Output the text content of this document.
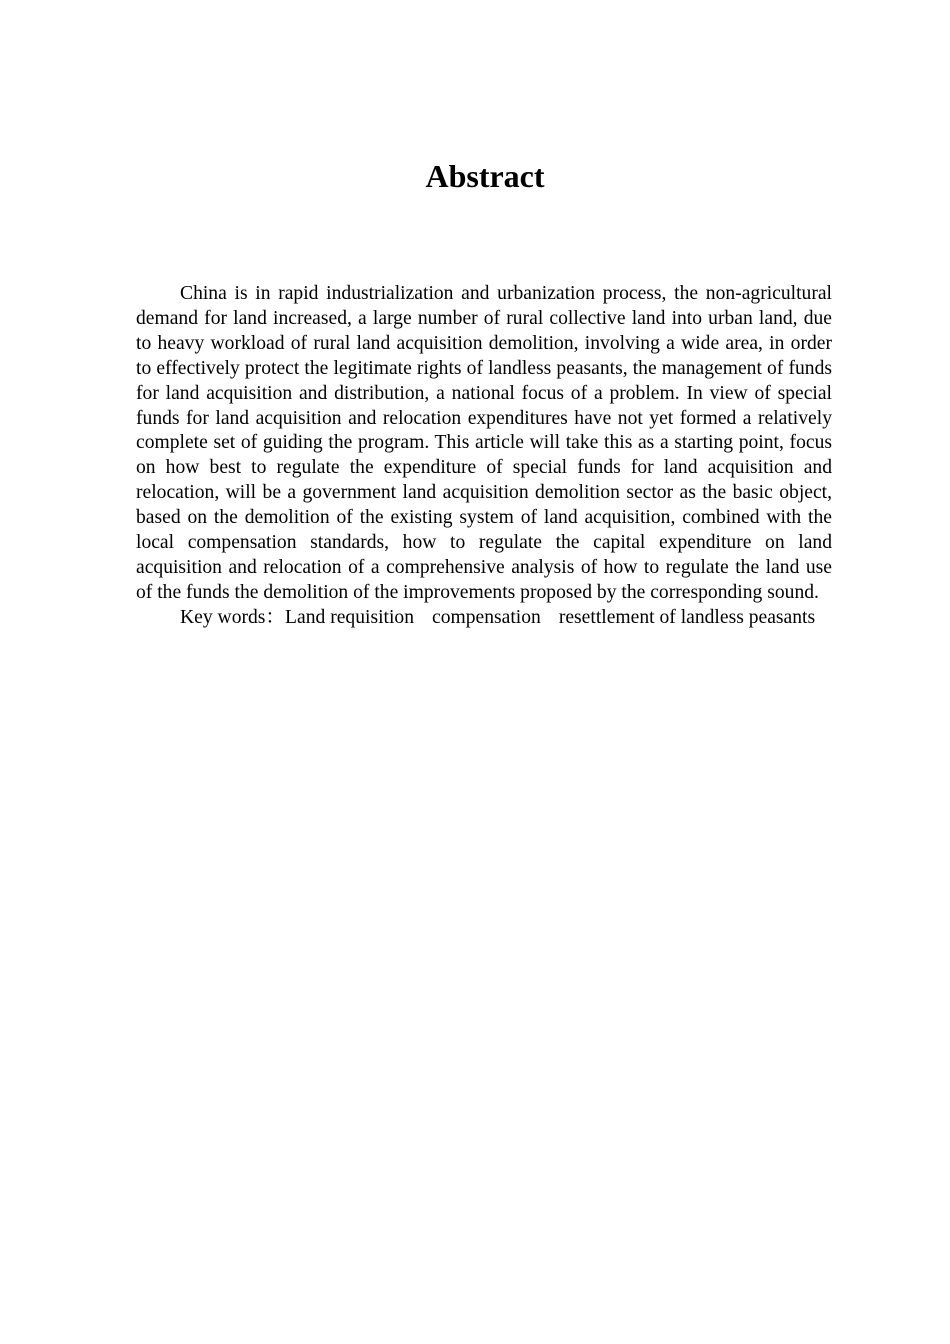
Abstract

China is in rapid industrialization and urbanization process, the non-agricultural demand for land increased, a large number of rural collective land into urban land, due to heavy workload of rural land acquisition demolition, involving a wide area, in order to effectively protect the legitimate rights of landless peasants, the management of funds for land acquisition and distribution, a national focus of a problem. In view of special funds for land acquisition and relocation expenditures have not yet formed a relatively complete set of guiding the program. This article will take this as a starting point, focus on how best to regulate the expenditure of special funds for land acquisition and relocation, will be a government land acquisition demolition sector as the basic object, based on the demolition of the existing system of land acquisition, combined with the local compensation standards, how to regulate the capital expenditure on land acquisition and relocation of a comprehensive analysis of how to regulate the land use of the funds the demolition of the improvements proposed by the corresponding sound.

Key words：Land requisition compensation resettlement of landless peasants
